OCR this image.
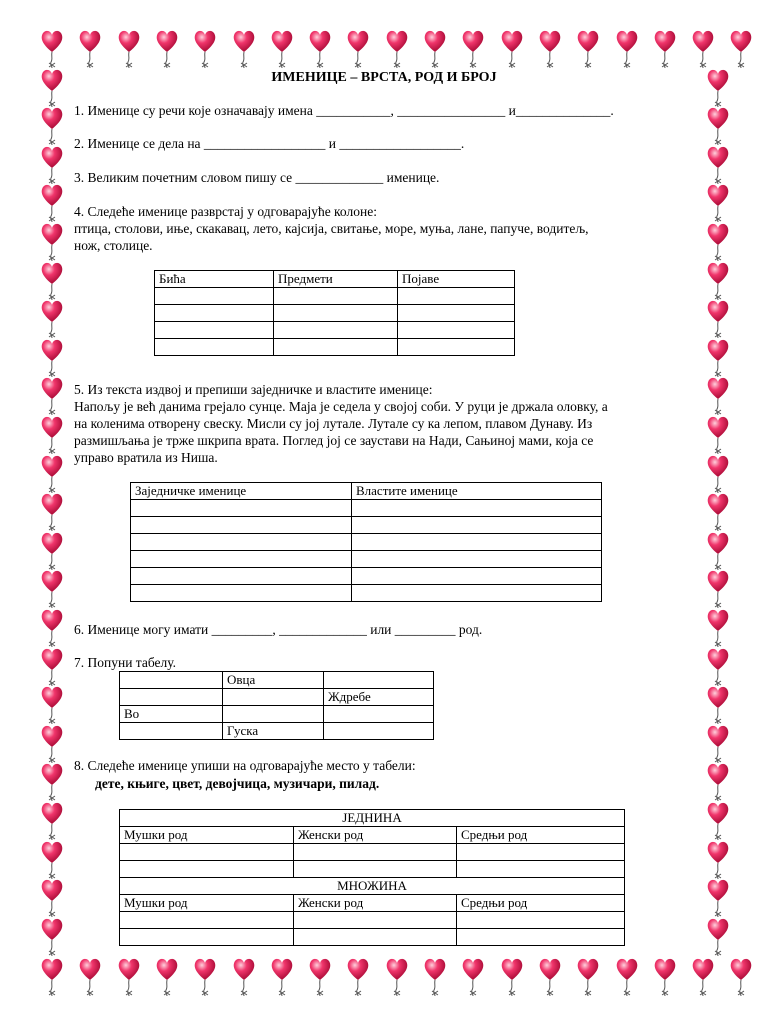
ИМЕНИЦЕ – ВРСТА, РОД И БРОЈ
1. Именице су речи које означавају имена ___________, ________________ и______________.
2. Именице се дела на __________________ и __________________.
3. Великим почетним словом пишу се _____________ именице.
4. Следеће именице разврстај у одговарајуће колоне:
птица, столови, иње, скакавац, лето, кајсија, свитање, море, муња, лане, папуче, водитељ,
нож, столице.
Бића	Предмети	Појаве

5. Из текста издвој и препиши заједничке и властите именице:
Напољу је већ данима грејало сунце. Маја је седела у својој соби. У руци је држала оловку, а
на коленима отворену свеску. Мисли су јој лутале. Лутале су ка лепом, плавом Дунаву. Из
размишљања је трже шкрипа врата. Поглед јој се заустави на Нади, Сањиној мами, која се
управо вратила из Ниша.
Заједничке именице	Властите именице

6. Именице могу имати _________, _____________ или _________ род.
7. Попуни табелу.
	Овца	
		Ждребе
Во		
	Гуска	
8. Следеће именице упиши на одговарајуће место у табели:
дете, књиге, цвет, девојчица, музичари, пилад.
ЈЕДНИНА		
Мушки род	Женски род	Средњи род

МНОЖИНА		
Мушки род	Женски род	Средњи род
